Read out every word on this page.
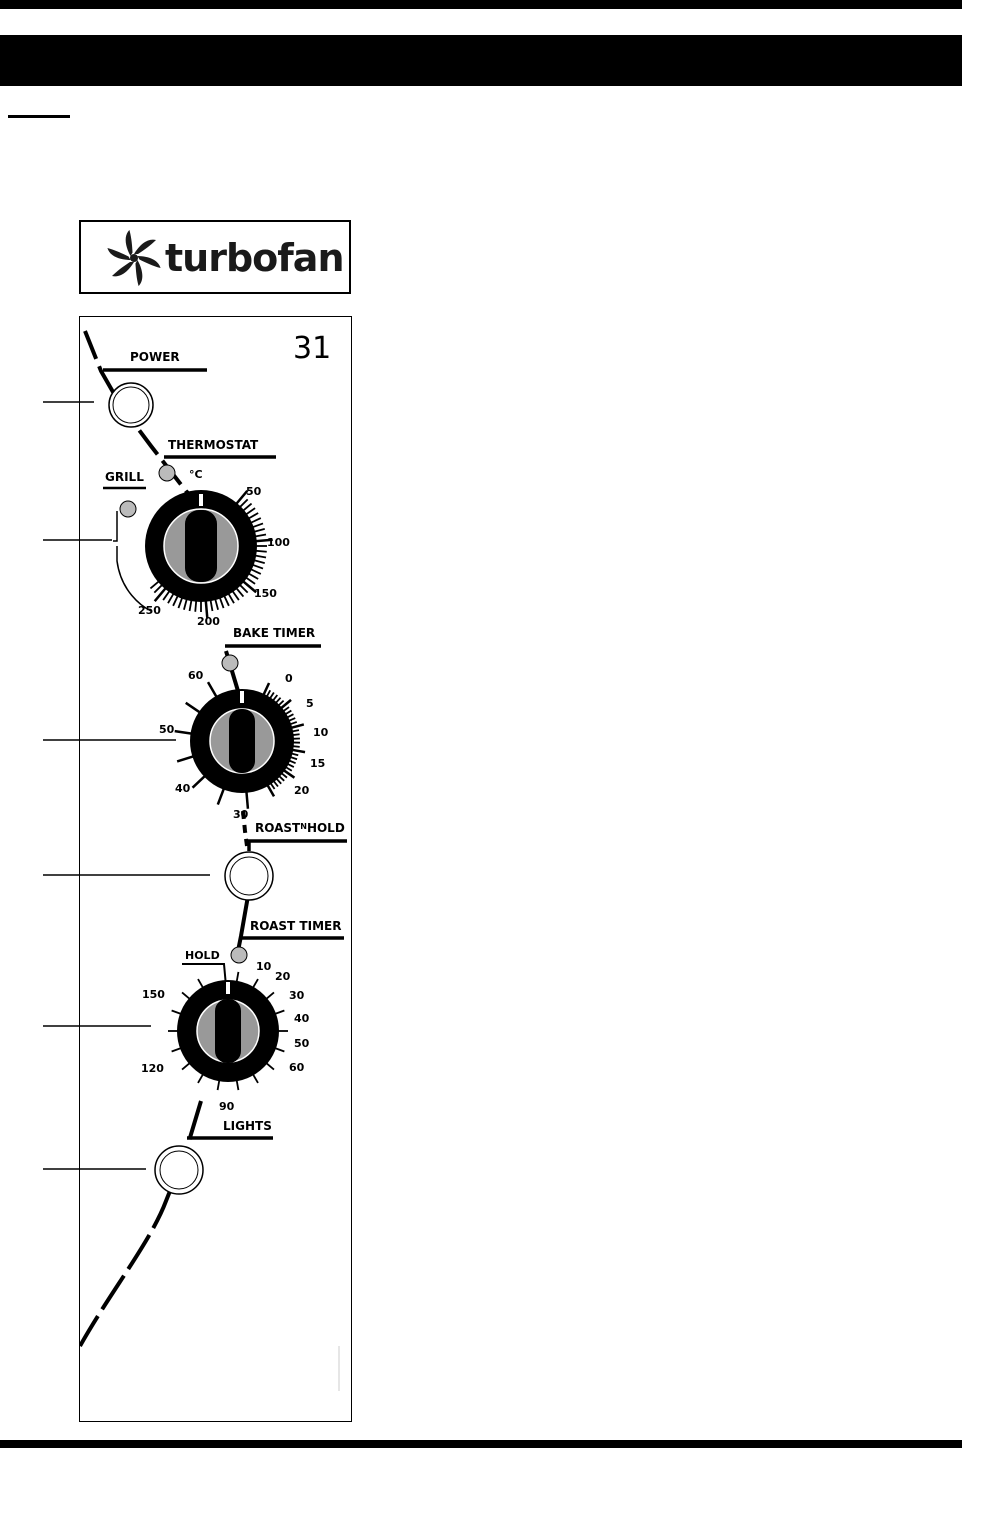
turbofan
31
POWER
THERMOSTAT
°C
GRILL
50
100
150
200
250
BAKE TIMER
0
5
10
15
20
30
40
50
60
$ROAST^NHOLD$
ROAST TIMER
HOLD
10
20
30
40
50
60
90
120
150
LIGHTS
